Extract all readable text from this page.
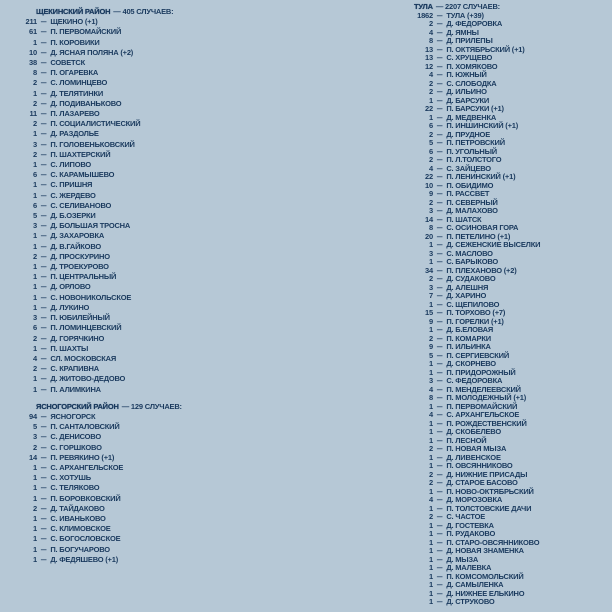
ЩЕКИНСКИЙ РАЙОН — 405 СЛУЧАЕВ:
211 — ЩЕКИНО (+1)
61 — П. ПЕРВОМАЙСКИЙ
1 — П. КОРОВИКИ
10 — Д. ЯСНАЯ ПОЛЯНА (+2)
38 — СОВЕТСК
8 — П. ОГАРЕВКА
2 — С. ЛОМИНЦЕВО
1 — Д. ТЕЛЯТИНКИ
2 — Д. ПОДИВАНЬКОВО
11 — П. ЛАЗАРЕВО
2 — П. СОЦИАЛИСТИЧЕСКИЙ
1 — Д. РАЗДОЛЬЕ
3 — П. ГОЛОВЕНЬКОВСКИЙ
2 — П. ШАХТЕРСКИЙ
1 — С. ЛИПОВО
6 — С. КАРАМЫШЕВО
1 — С. ПРИШНЯ
1 — С. ЖЕРДЕВО
6 — С. СЕЛИВАНОВО
5 — Д. Б.ОЗЕРКИ
3 — Д. БОЛЬШАЯ ТРОСНА
1 — Д. ЗАХАРОВКА
1 — Д. В.ГАЙКОВО
2 — Д. ПРОСКУРИНО
1 — Д. ТРОЕКУРОВО
1 — П. ЦЕНТРАЛЬНЫЙ
1 — Д. ОРЛОВО
1 — С. НОВОНИКОЛЬСКОЕ
1 — Д. ЛУКИНО
3 — П. ЮБИЛЕЙНЫЙ
6 — П. ЛОМИНЦЕВСКИЙ
2 — Д. ГОРЯЧКИНО
1 — П. ШАХТЫ
4 — СЛ. МОСКОВСКАЯ
2 — С. КРАПИВНА
1 — Д. ЖИТОВО-ДЕДОВО
1 — П. АЛИМКИНА
ЯСНОГОРСКИЙ РАЙОН — 129 СЛУЧАЕВ:
94 — ЯСНОГОРСК
5 — П. САНТАЛОВСКИЙ
3 — С. ДЕНИСОВО
2 — С. ГОРШКОВО
14 — П. РЕВЯКИНО (+1)
1 — С. АРХАНГЕЛЬСКОЕ
1 — С. ХОТУШЬ
1 — С. ТЕЛЯКОВО
1 — П. БОРОВКОВСКИЙ
2 — Д. ТАЙДАКОВО
1 — С. ИВАНЬКОВО
1 — С. КЛИМОВСКОЕ
1 — С. БОГОСЛОВСКОЕ
1 — П. БОГУЧАРОВО
1 — Д. ФЕДЯШЕВО (+1)
ТУЛА — 2207 СЛУЧАЕВ:
1862 — ТУЛА (+39)
2 — Д. ФЕДОРОВКА
4 — Д. ЯМНЫ
8 — Д. ПРИЛЕПЫ
13 — П. ОКТЯБРЬСКИЙ (+1)
13 — С. ХРУЩЕВО
12 — П. ХОМЯКОВО
4 — П. ЮЖНЫЙ
2 — С. СЛОБОДКА
2 — Д. ИЛЬИНО
1 — Д. БАРСУКИ
22 — П. БАРСУКИ (+1)
1 — Д. МЕДВЕНКА
6 — П. ИНШИНСКИЙ (+1)
2 — Д. ПРУДНОЕ
5 — П. ПЕТРОВСКИЙ
6 — П. УГОЛЬНЫЙ
2 — П. Л.ТОЛСТОГО
4 — С. ЗАЙЦЕВО
22 — П. ЛЕНИНСКИЙ (+1)
10 — П. ОБИДИМО
9 — П. РАССВЕТ
2 — П. СЕВЕРНЫЙ
3 — Д. МАЛАХОВО
14 — П. ШАТСК
8 — С. ОСИНОВАЯ ГОРА
20 — П. ПЕТЕЛИНО (+1)
1 — Д. СЕЖЕНСКИЕ ВЫСЕЛКИ
3 — С. МАСЛОВО
1 — С. БАРЫКОВО
34 — П. ПЛЕХАНОВО (+2)
2 — Д. СУДАКОВО
3 — Д. АЛЕШНЯ
7 — Д. ХАРИНО
1 — С. ЩЕПИЛОВО
15 — П. ТОРХОВО (+7)
9 — П. ГОРЕЛКИ (+1)
1 — Д. Б.ЕЛОВАЯ
2 — П. КОМАРКИ
9 — П. ИЛЬИНКА
5 — П. СЕРГИЕВСКИЙ
1 — Д. СКОРНЕВО
1 — П. ПРИДОРОЖНЫЙ
3 — С. ФЕДОРОВКА
4 — П. МЕНДЕЛЕЕВСКИЙ
8 — П. МОЛОДЕЖНЫЙ (+1)
1 — П. ПЕРВОМАЙСКИЙ
4 — С. АРХАНГЕЛЬСКОЕ
1 — П. РОЖДЕСТВЕНСКИЙ
1 — Д. СКОБЕЛЕВО
1 — П. ЛЕСНОЙ
2 — П. НОВАЯ МЫЗА
1 — Д. ЛИВЕНСКОЕ
1 — П. ОВСЯННИКОВО
2 — Д. НИЖНИЕ ПРИСАДЫ
2 — Д. СТАРОЕ БАСОВО
1 — П. НОВО-ОКТЯБРЬСКИЙ
4 — Д. МОРОЗОВКА
1 — П. ТОЛСТОВСКИЕ ДАЧИ
2 — С. ЧАСТОЕ
1 — Д. ГОСТЕВКА
1 — П. РУДАКОВО
1 — П. СТАРО-ОВСЯННИКОВО
1 — Д. НОВАЯ ЗНАМЕНКА
1 — Д. МЫЗА
1 — Д. МАЛЕВКА
1 — П. КОМСОМОЛЬСКИЙ
1 — Д. САМЫЛЕНКА
1 — Д. НИЖНЕЕ ЕЛЬКИНО
1 — Д. СТРУКОВО
